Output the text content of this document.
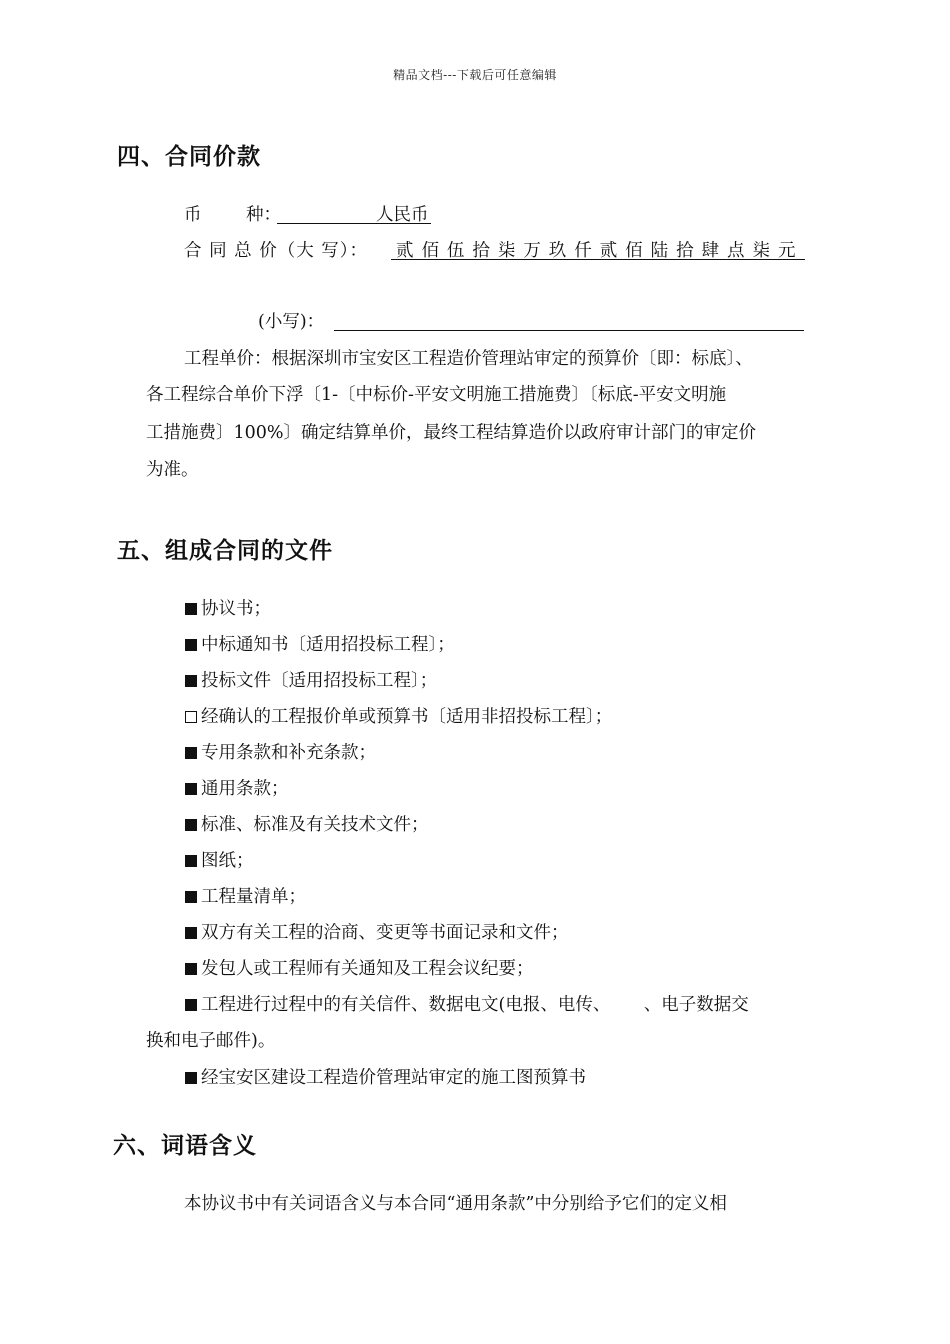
精品文档---下载后可任意编辑
四、合同价款
币        种：	人民币
合 同 总 价（大 写）： 贰 佰 伍 拾 柒 万 玖 仟 贰 佰 陆 拾 肆 点 柒 元
(小写)：
工程单价：根据深圳市宝安区工程造价管理站审定的预算价〔即：标底〕、
各工程综合单价下浮〔1-〔中标价-平安文明施工措施费〕〔标底-平安文明施
工措施费〕100%〕确定结算单价，最终工程结算造价以政府审计部门的审定价
为准。
五、组成合同的文件
协议书；
中标通知书〔适用招投标工程〕；
投标文件〔适用招投标工程〕；
经确认的工程报价单或预算书〔适用非招投标工程〕；
专用条款和补充条款；
通用条款；
标准、标准及有关技术文件；
图纸；
工程量清单；
双方有关工程的洽商、变更等书面记录和文件；
发包人或工程师有关通知及工程会议纪要；
工程进行过程中的有关信件、数据电文(电报、电传、      、电子数据交
换和电子邮件)。
经宝安区建设工程造价管理站审定的施工图预算书
六、词语含义
本协议书中有关词语含义与本合同“通用条款”中分别给予它们的定义相
